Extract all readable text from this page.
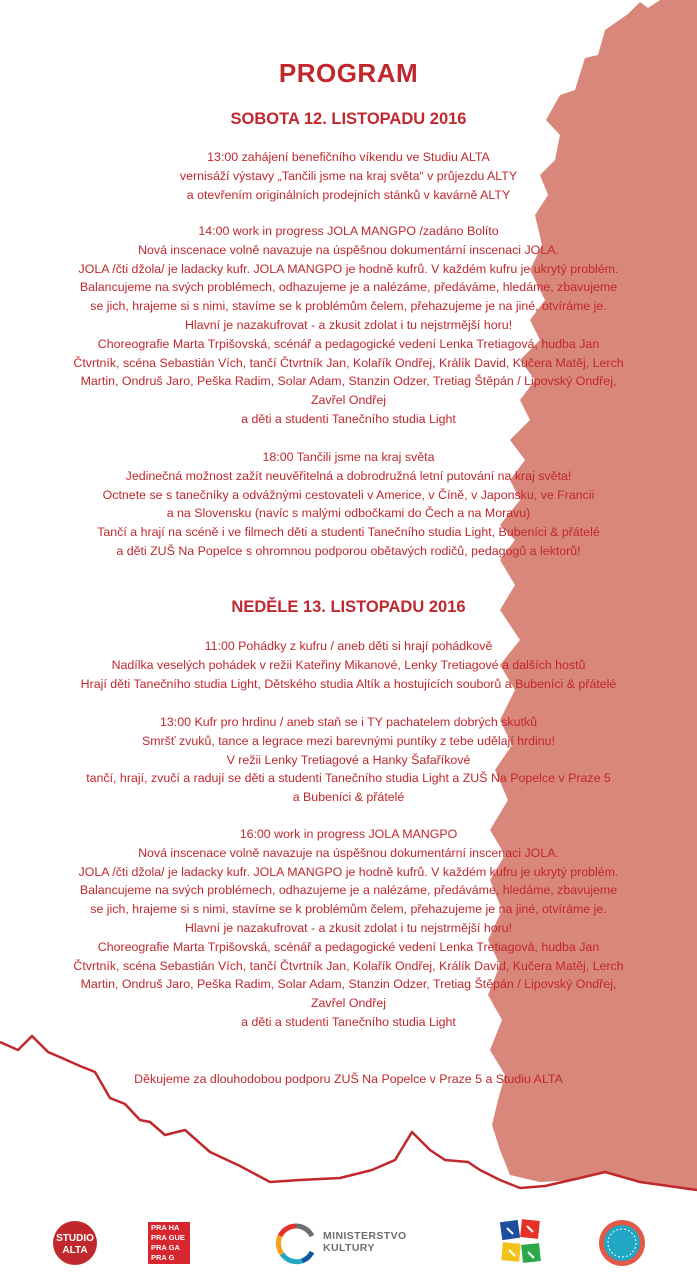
PROGRAM
SOBOTA 12. LISTOPADU 2016
13:00 zahájení benefičního víkendu ve Studiu ALTA
vernisáží výstavy „Tančili jsme na kraj světa“ v průjezdu ALTY
a otevřením originálních prodejních stánků v kavárně ALTY
14:00 work in progress JOLA MANGPO /zadáno Bolíto
Nová inscenace volně navazuje na úspěšnou dokumentární inscenaci JOLA.
JOLA /čti džola/ je ladacky kufr. JOLA MANGPO je hodně kufrů. V každém kufru je ukrytý problém.
Balancujeme na svých problémech, odhazujeme je a nalézáme, předáváme, hledáme, zbavujeme
se jich, hrajeme si s nimi, stavíme se k problémům čelem, přehazujeme je na jiné, otvíráme je.
Hlavní je nazakufrovat - a zkusit zdolat i tu nejstrmější horu!
Choreografie Marta Trpišovská, scénář a pedagogické vedení Lenka Tretiagová, hudba Jan
Čtvrtník, scéna Sebastián Vích, tančí Čtvrtník Jan, Kolařík Ondřej, Králík David, Kučera Matěj, Lerch
Martin, Ondruš Jaro, Peška Radim, Solar Adam, Stanzin Odzer, Tretiag Štěpán / Lipovský Ondřej,
Zavřel Ondřej
a děti a studenti Tanečního studia Light
18:00 Tančili jsme na kraj světa
Jedinečná možnost zažít neuvěřitelná a dobrodružná letní putování na kraj světa!
Octnete se s tanečníky a odvážnými cestovateli v Americe, v Číně, v Japonsku, ve Francii
a na Slovensku (navíc s malými odbočkami do Čech a na Moravu)
Tančí a hrají na scéně i ve filmech děti a studenti Tanečního studia Light, Bubeníci & přátelé
a děti ZUŠ Na Popelce s ohromnou podporou obětavých rodičů, pedagogů a lektorů!
NEDĚLE 13. LISTOPADU 2016
11:00 Pohádky z kufru / aneb děti si hrají pohádkově
Nadílka veselých pohádek v režii Kateřiny Mikanové, Lenky Tretiagové a dalších hostů
Hrají děti Tanečního studia Light, Dětského studia Altík a hostujících souborů a Bubeníci & přátelé
13:00 Kufr pro hrdinu / aneb staň se i TY pachatelem dobrých skutků
Smršť zvuků, tance a legrace mezi barevnými puntíky z tebe udělají hrdinu!
V režii Lenky Tretiagové a Hanky Šafaříkové
tančí, hrají, zvučí a radují se děti a studenti Tanečního studia Light a ZUŠ Na Popelce v Praze 5
a Bubeníci & přátelé
16:00 work in progress JOLA MANGPO
Nová inscenace volně navazuje na úspěšnou dokumentární inscenaci JOLA.
JOLA /čti džola/ je ladacky kufr. JOLA MANGPO je hodně kufrů. V každém kufru je ukrytý problém.
Balancujeme na svých problémech, odhazujeme je a nalézáme, předáváme, hledáme, zbavujeme
se jich, hrajeme si s nimi, stavíme se k problémům čelem, přehazujeme je na jiné, otvíráme je.
Hlavní je nazakufrovat - a zkusit zdolat i tu nejstrmější horu!
Choreografie Marta Trpišovská, scénář a pedagogické vedení Lenka Tretiagová, hudba Jan
Čtvrtník, scéna Sebastián Vích, tančí Čtvrtník Jan, Kolařík Ondřej, Králík David, Kučera Matěj, Lerch
Martin, Ondruš Jaro, Peška Radim, Solar Adam, Stanzin Odzer, Tretiag Štěpán / Lipovský Ondřej,
Zavřel Ondřej
a děti a studenti Tanečního studia Light
Děkujeme za dlouhodobou podporu ZUŠ Na Popelce v Praze 5 a Studiu ALTA
STUDIO
ALTA
PRA HA
PRA GUE
PRA GA
PRA G
MINISTERSTVO
KULTURY
